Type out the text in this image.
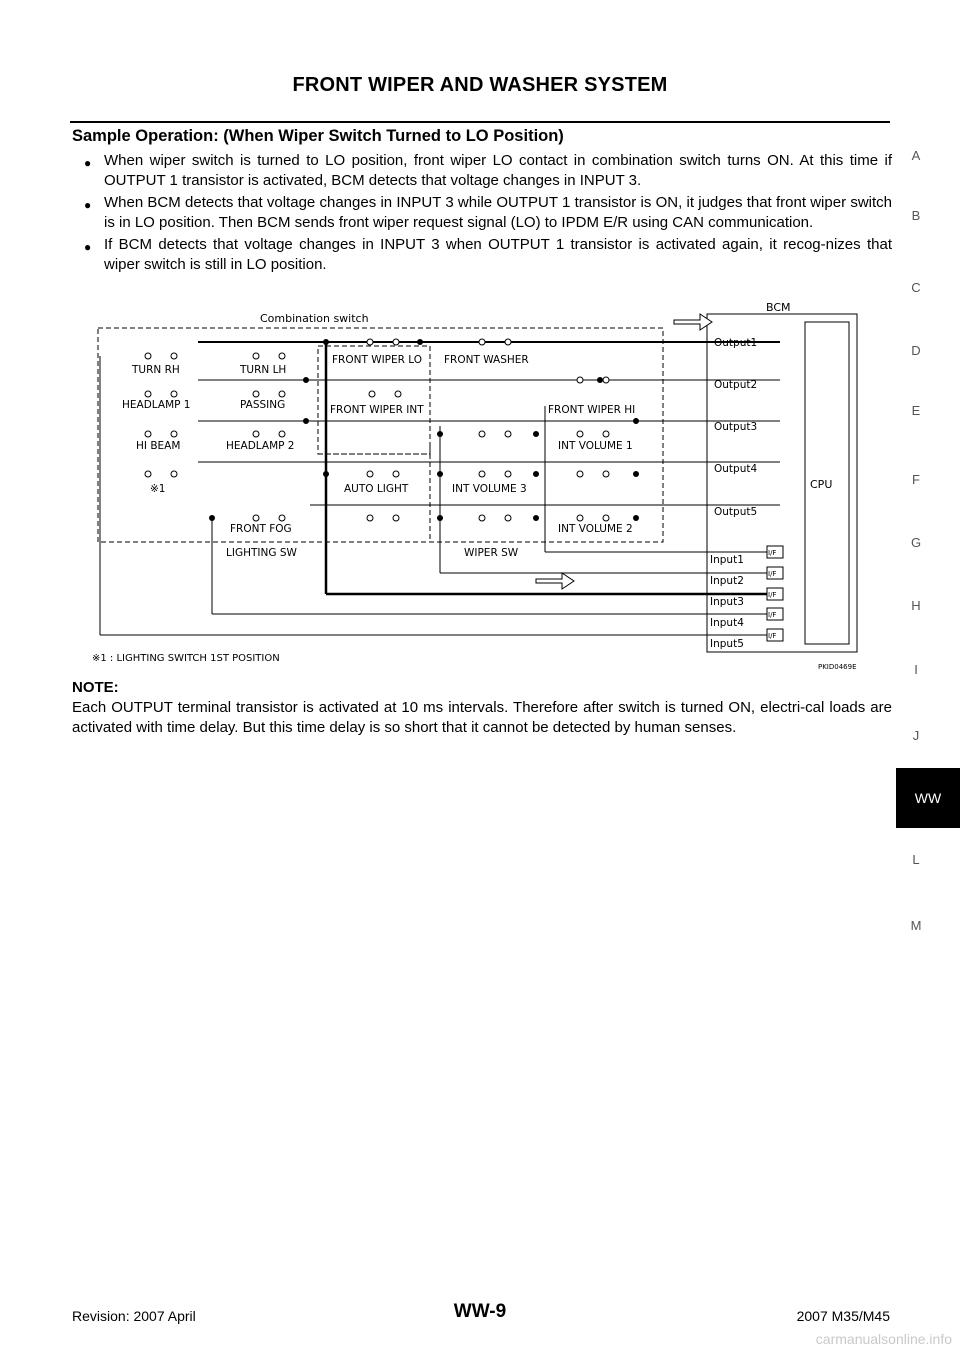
FRONT WIPER AND WASHER SYSTEM
Sample Operation: (When Wiper Switch Turned to LO Position)
● When wiper switch is turned to LO position, front wiper LO contact in combination switch turns ON. At this time if OUTPUT 1 transistor is activated, BCM detects that voltage changes in INPUT 3.
● When BCM detects that voltage changes in INPUT 3 while OUTPUT 1 transistor is ON, it judges that front wiper switch is in LO position. Then BCM sends front wiper request signal (LO) to IPDM E/R using CAN communication.
● If BCM detects that voltage changes in INPUT 3 when OUTPUT 1 transistor is activated again, it recog-nizes that wiper switch is still in LO position.
BCM
CPU
Combination switch
TURN RH	TURN LH
HEADLAMP 1	PASSING
HI BEAM	HEADLAMP 2
※1
FRONT FOG
AUTO LIGHT
FRONT WIPER LO FRONT WASHER
FRONT WIPER INT	FRONT WIPER HI
INT VOLUME 1
INT VOLUME 3
INT VOLUME 2
LIGHTING SW	WIPER SW
Output1
Output2
Output3
Output4
Output5
Input1
Input2
Input3
Input4
Input5
I/F
I/F
I/F
I/F
I/F
※1 : LIGHTING SWITCH 1ST POSITION
PKID0469E
NOTE:
Each OUTPUT terminal transistor is activated at 10 ms intervals. Therefore after switch is turned ON, electri-cal loads are activated with time delay. But this time delay is so short that it cannot be detected by human senses.
A
B
C
D
E
F
G
H
I
J
WW
L
M
Revision: 2007 April	WW-9	2007 M35/M45
carmanualsonline.info
